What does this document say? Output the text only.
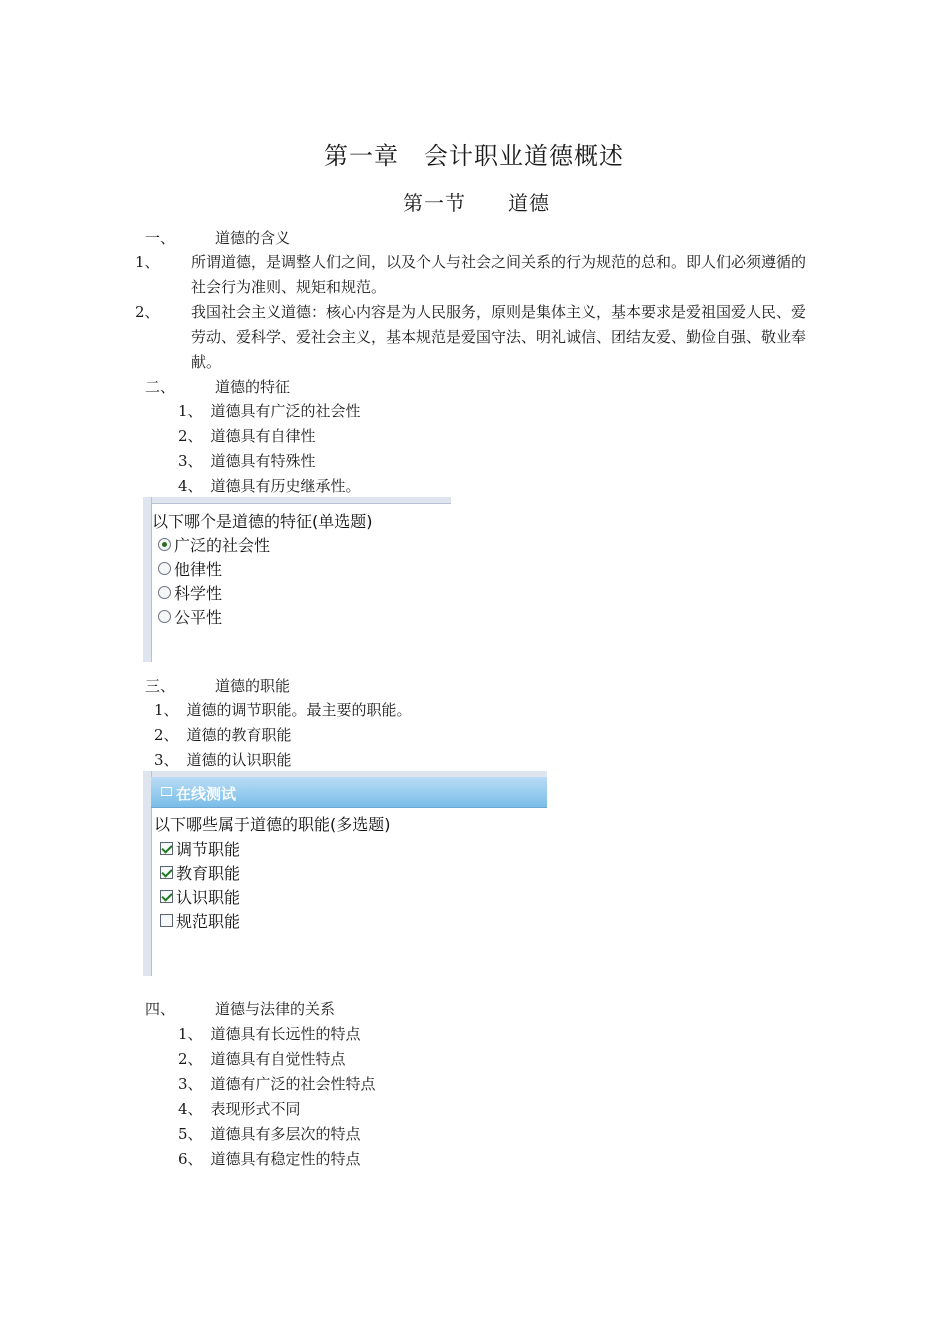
第一章　会计职业道德概述
第一节　　道德
一、	道德的含义
1、 所谓道德，是调整人们之间，以及个人与社会之间关系的行为规范的总和。即人们必须遵循的社会行为准则、规矩和规范。
2、 我国社会主义道德：核心内容是为人民服务，原则是集体主义，基本要求是爱祖国爱人民、爱劳动、爱科学、爱社会主义，基本规范是爱国守法、明礼诚信、团结友爱、勤俭自强、敬业奉献。
二、	道德的特征
1、 道德具有广泛的社会性
2、 道德具有自律性
3、 道德具有特殊性
4、 道德具有历史继承性。
以下哪个是道德的特征(单选题)
广泛的社会性
他律性
科学性
公平性
三、	道德的职能
1、 道德的调节职能。最主要的职能。
2、 道德的教育职能
3、 道德的认识职能
在线测试
以下哪些属于道德的职能(多选题)
调节职能
教育职能
认识职能
规范职能
四、	道德与法律的关系
1、 道德具有长远性的特点
2、 道德具有自觉性特点
3、 道德有广泛的社会性特点
4、 表现形式不同
5、 道德具有多层次的特点
6、 道德具有稳定性的特点
